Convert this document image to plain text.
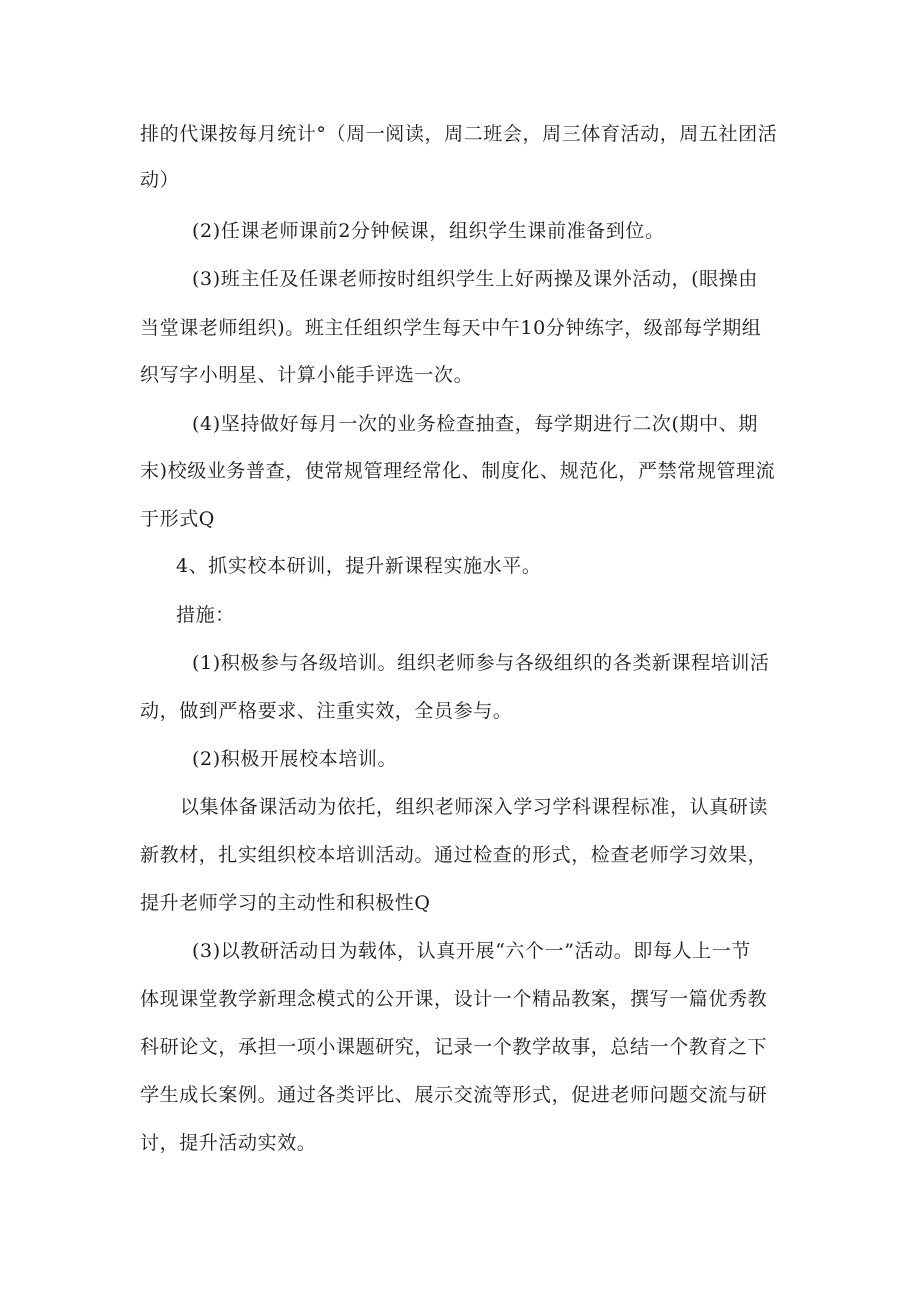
排的代课按每月统计°（周一阅读，周二班会，周三体育活动，周五社团活
动）
(2)任课老师课前2分钟候课，组织学生课前准备到位。
(3)班主任及任课老师按时组织学生上好两操及课外活动，(眼操由
当堂课老师组织)。班主任组织学生每天中午10分钟练字，级部每学期组
织写字小明星、计算小能手评选一次。
(4)坚持做好每月一次的业务检查抽查，每学期进行二次(期中、期
末)校级业务普查，使常规管理经常化、制度化、规范化，严禁常规管理流
于形式Q
4、抓实校本研训，提升新课程实施水平。
措施：
(1)积极参与各级培训。组织老师参与各级组织的各类新课程培训活
动，做到严格要求、注重实效，全员参与。
(2)积极开展校本培训。
以集体备课活动为依托，组织老师深入学习学科课程标准，认真研读
新教材，扎实组织校本培训活动。通过检查的形式，检查老师学习效果，
提升老师学习的主动性和积极性Q
(3)以教研活动日为载体，认真开展“六个一”活动。即每人上一节
体现课堂教学新理念模式的公开课，设计一个精品教案，撰写一篇优秀教
科研论文，承担一项小课题研究，记录一个教学故事，总结一个教育之下
学生成长案例。通过各类评比、展示交流等形式，促进老师问题交流与研
讨，提升活动实效。
